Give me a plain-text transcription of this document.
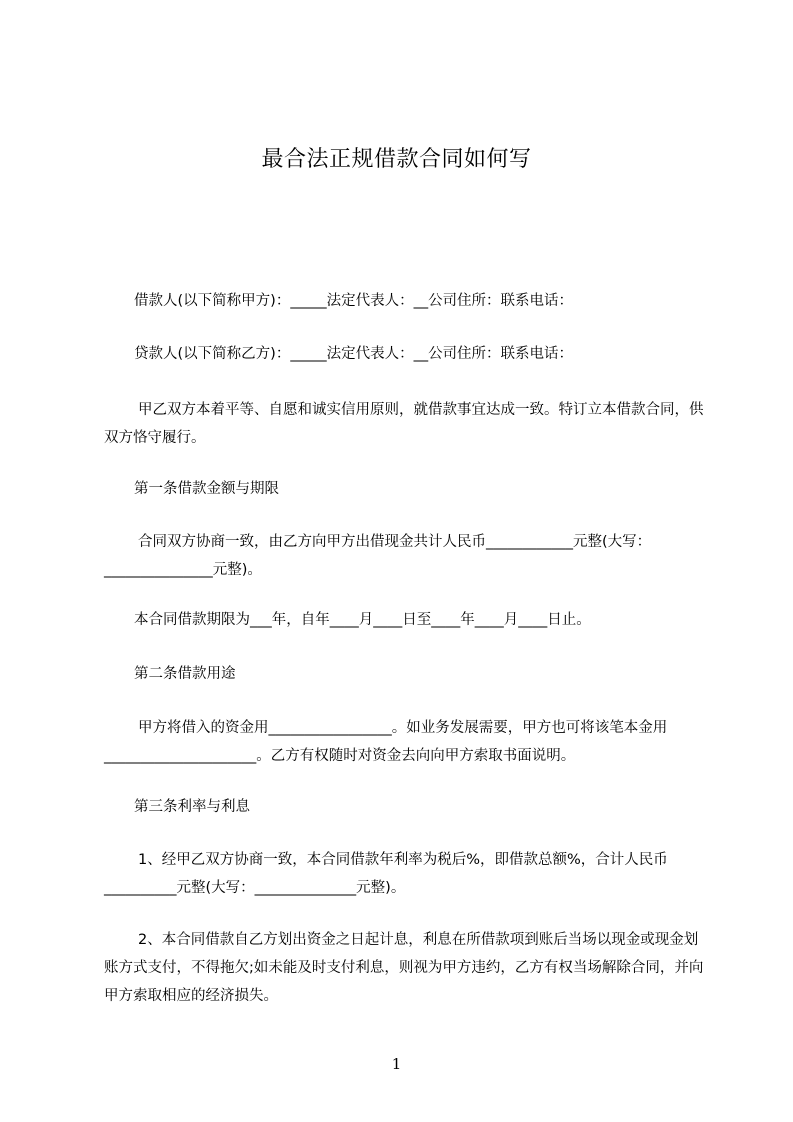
最合法正规借款合同如何写

借款人(以下简称甲方)：_____法定代表人：__公司住所：联系电话：

贷款人(以下简称乙方)：_____法定代表人：__公司住所：联系电话：

甲乙双方本着平等、自愿和诚实信用原则，就借款事宜达成一致。特订立本借款合同，供双方恪守履行。

第一条借款金额与期限

合同双方协商一致，由乙方向甲方出借现金共计人民币____________元整(大写：_______________元整)。

本合同借款期限为___年，自年____月____日至____年____月____日止。

第二条借款用途

甲方将借入的资金用_________________。如业务发展需要，甲方也可将该笔本金用_____________________。乙方有权随时对资金去向向甲方索取书面说明。

第三条利率与利息

1、经甲乙双方协商一致，本合同借款年利率为税后%，即借款总额%，合计人民币__________元整(大写：______________元整)。

2、本合同借款自乙方划出资金之日起计息，利息在所借款项到账后当场以现金或现金划账方式支付，不得拖欠;如未能及时支付利息，则视为甲方违约，乙方有权当场解除合同，并向甲方索取相应的经济损失。

1
